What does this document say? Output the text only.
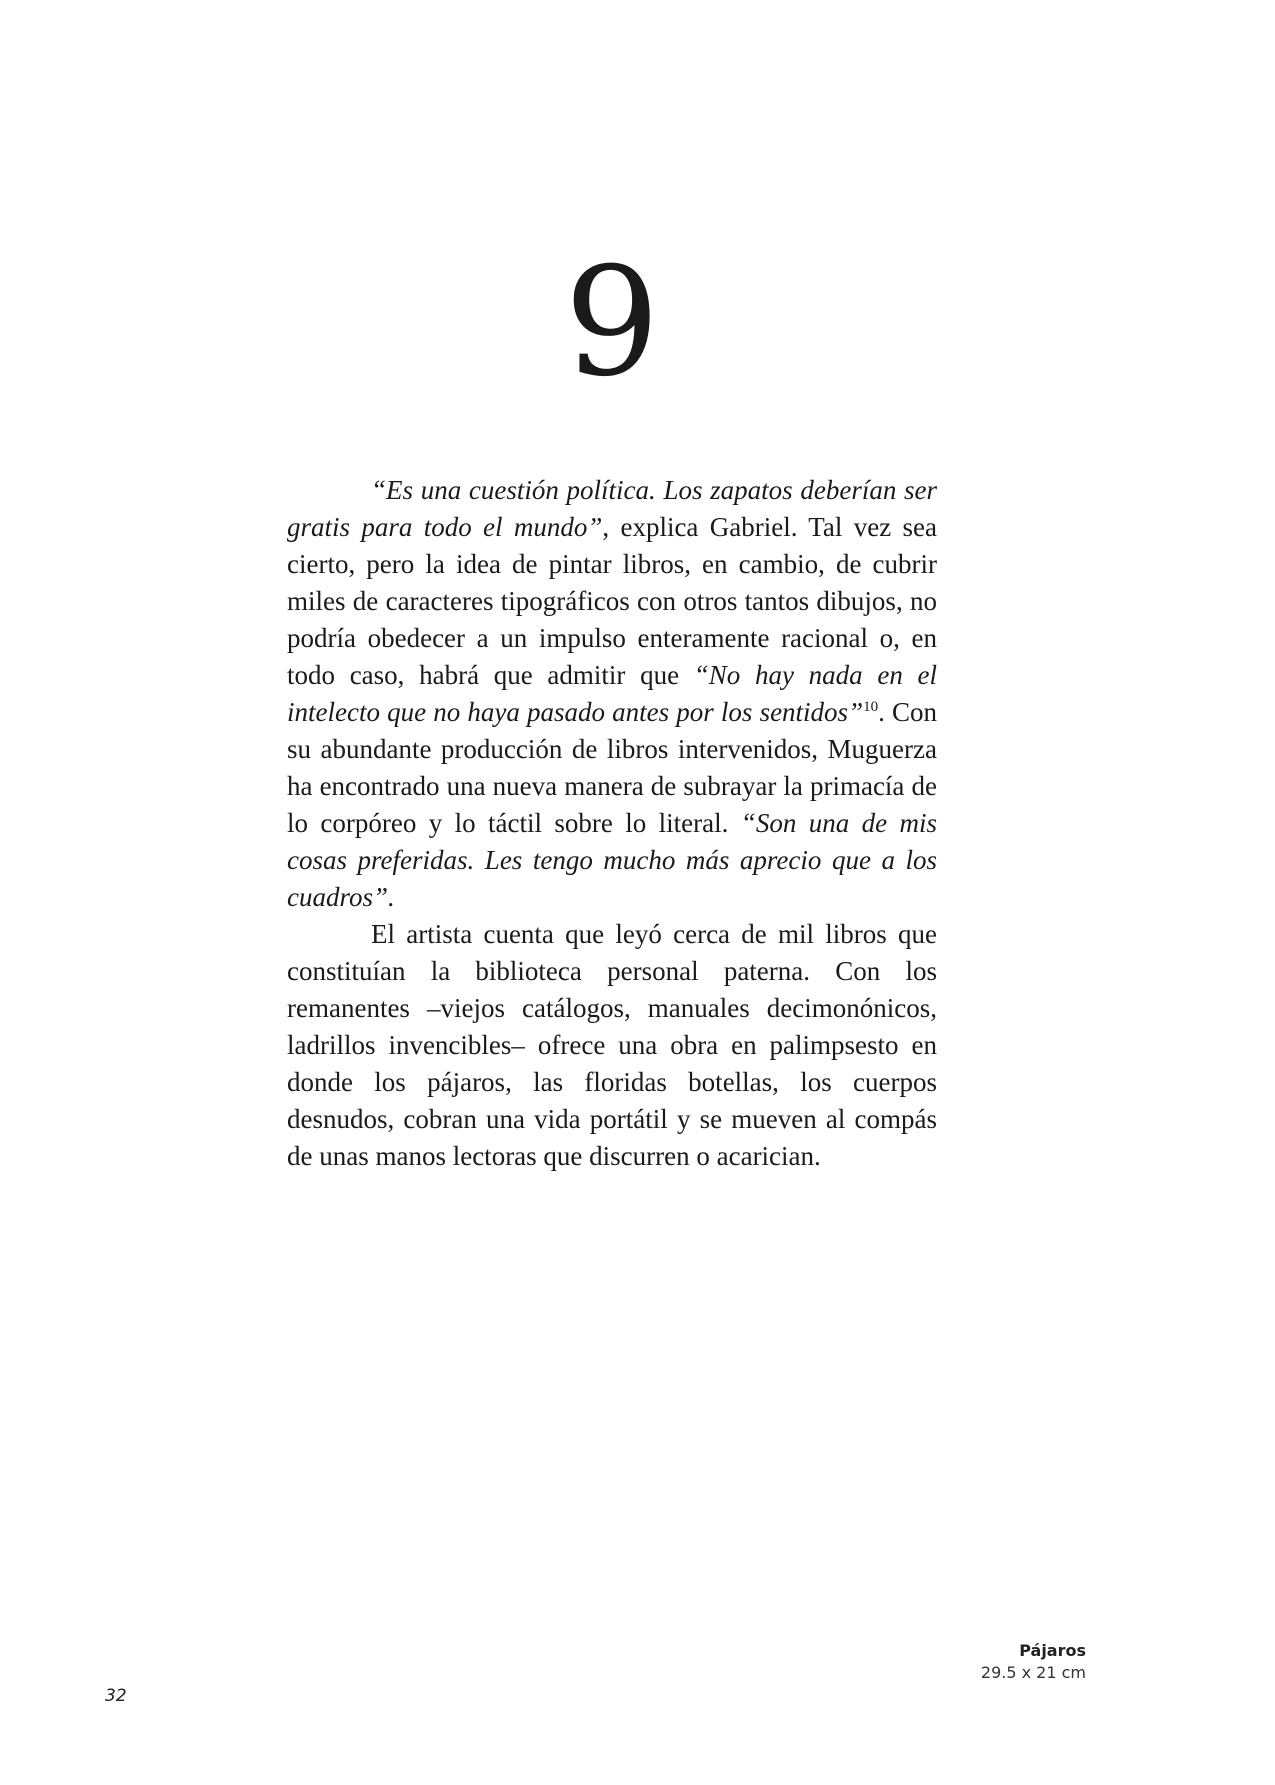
9

“Es una cuestión política. Los zapatos deberían ser gratis para todo el mundo”, explica Gabriel. Tal vez sea cierto, pero la idea de pintar libros, en cambio, de cubrir miles de caracteres tipográficos con otros tantos dibujos, no podría obedecer a un impulso enteramente racional o, en todo caso, habrá que admitir que “No hay nada en el intelecto que no haya pasado antes por los sentidos”$^{10}$. Con su abundante producción de libros intervenidos, Muguerza ha encontrado una nueva manera de subrayar la primacía de lo corpóreo y lo táctil sobre lo literal. “Son una de mis cosas preferidas. Les tengo mucho más aprecio que a los cuadros”.

El artista cuenta que leyó cerca de mil libros que constituían la biblioteca personal paterna. Con los remanentes –viejos catálogos, manuales decimonónicos, ladrillos invencibles– ofrece una obra en palimpsesto en donde los pájaros, las floridas botellas, los cuerpos desnudos, cobran una vida portátil y se mueven al compás de unas manos lectoras que discurren o acarician.

Pájaros
29.5 x 21 cm
32
